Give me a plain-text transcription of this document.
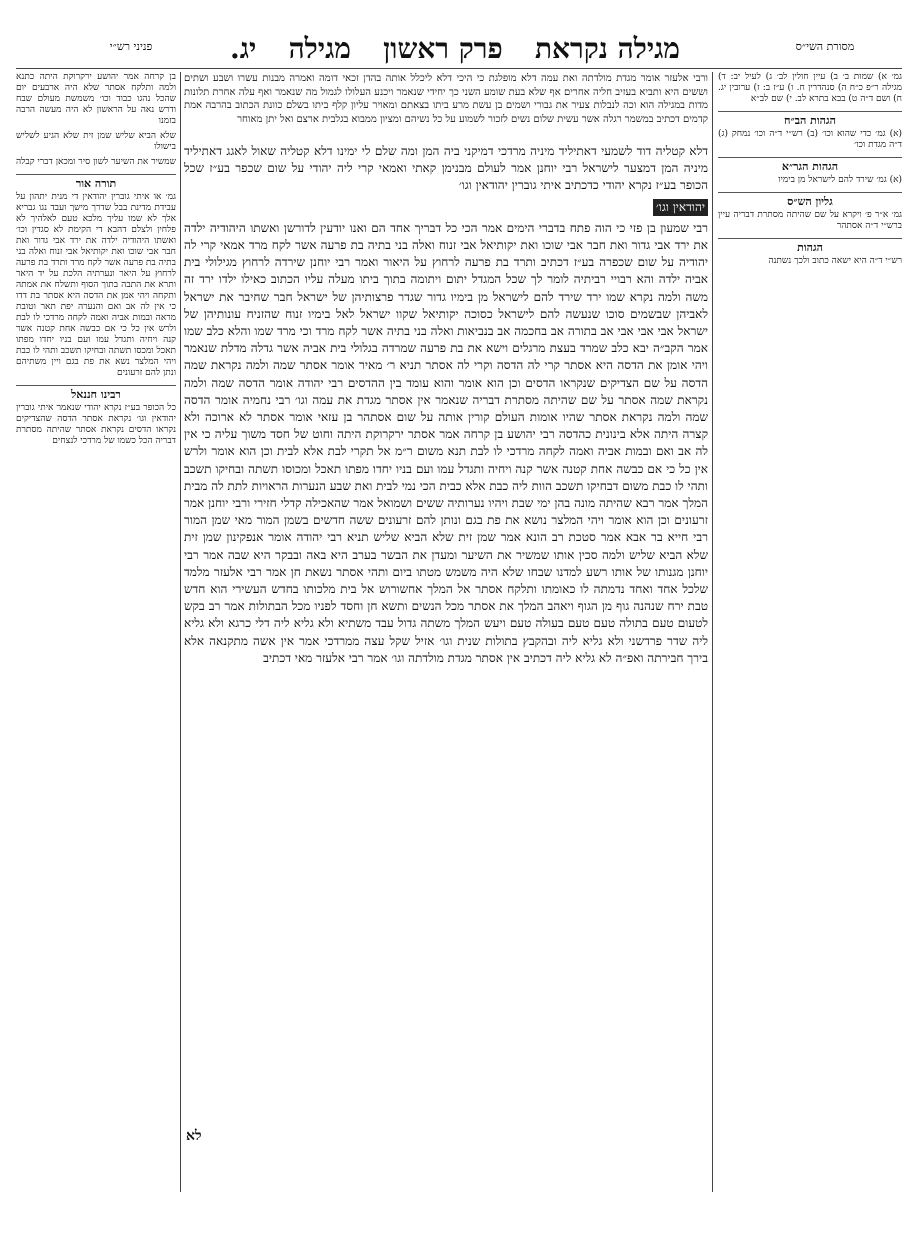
מסורת השי״ס
מגילה נקראת
פרק ראשון
מגילה
יג.
פניני רש״י
ורבי אלעזר אומר מגדת מולדתה ואת עמה דלא מופלגת כי היכי דלא ליכלל אותה בהדן זכאי דומה ואמרה מבנות עשרו ושבע ושתים וששים היא ותביא בעזיב חליה אחרים אף שלא בעת שומע השני כך יחידי שנאמר ויכנע העלולו לגמול מה שנאמר ואף עלה אחרת תלונות מדות במגילה הוא וכה לנבלות צעיר את גבורי ושמים בן עשת מרע ביתו בצאתם ומאויר עליון קלף ביתו בשלם כוונת הכתוב בהרבה אמת קדמים דכתיב במשמר רגלה אשר עשית שלום נשים לזכור לשמוע על כל נשיהם ומציון ממבוא בגלבית ארצם ואל יתן מאוחר

דלא קטליה דוד לשמעי דאתיליד מיניה מרדכי דמיקני ביה המן ומה שלם לי ימינו דלא קטליה שאול לאגג דאתיליד מיניה המן דמצער לישראל רבי יוחנן אמר לעולם מבנימן קאתי ואמאי קרי ליה יהודי על שום שכפר בע״ז שכל הכופר בע״ז נקרא יהודי כדכתיב איתי גוברין יהודאין וגו׳

יהודאין וגו׳

רבי שמעון בן פזי כי הוה פתח בדברי הימים אמר הכי כל דבריך אחד הם ואנו יודעין לדורשן ואשתו היהודיה ילדה את ירד אבי גדור ואת חבר אבי שוכו ואת יקותיאל אבי זנוח ואלה בני בתיה בת פרעה אשר לקח מרד אמאי קרי לה יהודיה על שום שכפרה בע״ז דכתיב ותרד בת פרעה לרחוץ על היאור ואמר רבי יוחנן שירדה לרחוץ מגילולי בית אביה ילדה והא רבויי רביתיה לומר לך שכל המגדל יתום ויתומה בתוך ביתו מעלה עליו הכתוב כאילו ילדו ירד זה משה ולמה נקרא שמו ירד שירד להם לישראל מן בימיו גדור שגדר פרצותיהן של ישראל חבר שחיבר את ישראל לאביהן שבשמים סוכו שנעשה להם לישראל כסוכה יקותיאל שקוו ישראל לאל בימיו זנוח שהזניח עונותיהן של ישראל אבי אבי אבי אב בתורה אב בחכמה אב בנביאות ואלה בני בתיה אשר לקח מרד וכי מרד שמו והלא כלב שמו אמר הקב״ה יבא כלב שמרד בעצת מרגלים וישא את בת פרעה שמרדה בגלולי בית אביה אשר גדלה מדלת שנאמר ויהי אומן את הדסה היא אסתר קרי לה הדסה וקרי לה אסתר תניא ר׳ מאיר אומר אסתר שמה ולמה נקראת שמה הדסה על שם הצדיקים שנקראו הדסים וכן הוא אומר והוא עומד בין ההדסים רבי יהודה אומר הדסה שמה ולמה נקראת שמה אסתר על שם שהיתה מסתרת דבריה שנאמר אין אסתר מגדת את עמה וגו׳ רבי נחמיה אומר הדסה שמה ולמה נקראת אסתר שהיו אומות העולם קורין אותה על שום אסתהר בן עזאי אומר אסתר לא ארוכה ולא קצרה היתה אלא בינונית כהדסה רבי יהושע בן קרחה אמר אסתר ירקרוקת היתה וחוט של חסד משוך עליה כי אין לה אב ואם ובמות אביה ואמה לקחה מרדכי לו לבת תנא משום ר״מ אל תקרי לבת אלא לבית וכן הוא אומר ולרש אין כל כי אם כבשה אחת קטנה אשר קנה ויחיה ותגדל עמו ועם בניו יחדו מפתו תאכל ומכוסו תשתה ובחיקו תשכב ותהי לו כבת משום דבחיקו תשכב הוות ליה כבת אלא כבית הכי נמי לבית ואת שבע הנערות הראויות לתת לה מבית המלך אמר רבא שהיתה מונה בהן ימי שבת ויהיו נערותיה ששים ושמואל אמר שהאכילה קדלי חזירי ורבי יוחנן אמר זרעונים וכן הוא אומר ויהי המלצר נושא את פת בגם ונותן להם זרעונים ששה חדשים בשמן המור מאי שמן המור רבי חייא בר אבא אמר סטכת רב הונא אמר שמן זית שלא הביא שליש תניא רבי יהודה אומר אנפקינון שמן זית שלא הביא שליש ולמה סכין אותו שמשיר את השיער ומעדן את הבשר בערב היא באה ובבקר היא שבה אמר רבי יוחנן מגנותו של אותו רשע למדנו שבחו שלא היה משמש מטתו ביום ותהי אסתר נשאת חן אמר רבי אלעזר מלמד שלכל אחד ואחד נדמתה לו כאומתו ותלקח אסתר אל המלך אחשורוש אל בית מלכותו בחדש העשירי הוא חדש טבת ירח שנהנה גוף מן הגוף ויאהב המלך את אסתר מכל הנשים ותשא חן וחסד לפניו מכל הבתולות אמר רב בקש לטעום טעם בתולה טעם טעם בעולה טעם ויעש המלך משתה גדול עבד משתיא ולא גליא ליה דלי כרגא ולא גליא ליה שדר פרדשני ולא גליא ליה ובהקבץ בתולות שנית וגו׳ אזיל שקל עצה ממרדכי אמר אין אשה מתקנאה אלא בירך חבירתה ואפ״ה לא גליא ליה דכתיב אין אסתר מגדת מולדתה וגו׳ אמר רבי אלעזר מאי דכתיב

גמ׳ א) שמות ב׳ ב) עיין חולין לב׳ ג) לעיל יב: ד) מגילה ר״פ כ״ח ה) סנהדרין ח. ו) ע״ז ב: ז) ערובין יג. ח) ושם ד״ה ט) בבא בתרא לב. י) שם לב״א

הגהות הב״ח

(א) גמ׳ כדי שהוא וכו׳ (ב) רש״י ד״ה וכו׳ נמחק (ג) ד״ה מגדת וכו׳

הגהות הגר״א

(א) גמ׳ שירד להם לישראל מן בימיו

גליון הש״ס

גמ׳ א״ר פ׳ ויקרא על שם שהיתה מסתרת דבריה עיין ברש״י ד״ה אסתהר

הגהות

רש״י ד״ה היא ישאה כתוב ולכך נשתנה

בן קרחה אמר יהושע ירקרוקת היתה כתנא ולמה ותלקח אסתר שלא היה ארבעים יום שהכל נהגו כבוד וכו׳ משמשת מעולם שבח ודרש נאה על הראשון לא היה מעשה הרבה בזמנו

שלא הביא שליש שמן זית שלא הגיע לשליש בישולו

שמשיר את השיער לשון סיר ומכאן דברי קבלה

תורה אור

גמ׳ או איתי גוברין יהודאין די מנית יתהון על עבידת מדינת בבל שדרך מישך ועבד נגו גבריא אלך לא שמו עליך מלכא טעם לאלהיך לא פלחין ולצלם דהבא די הקימת לא סגדין וכו׳ ואשתו היהודיה ילדה את ירד אבי גדור ואת חבר אבי שוכו ואת יקותיאל אבי זנוח ואלה בני בתיה בת פרעה אשר לקח מרד ותרד בת פרעה לרחוץ על היאר ונערתיה הלכת על יד היאר ותרא את התבה בתוך הסוף ותשלח את אמתה ותקחה ויהי אמן את הדסה היא אסתר בת דדו כי אין לה אב ואם והנערה יפת תאר וטובת מראה ובמות אביה ואמה לקחה מרדכי לו לבת ולרש אין כל כי אם כבשה אחת קטנה אשר קנה ויחיה ותגדל עמו ועם בניו יחדו מפתו תאכל ומכסו תשתה ובחיקו תשכב ותהי לו כבת ויהי המלצר נשא את פת בגם ויין משתיהם ונתן להם זרעונים

רבינו חננאל

כל הכופר בע״ז נקרא יהודי שנאמר איתי גוברין יהודאין וגו׳ נקראת אסתר הדסה שהצדיקים נקראו הדסים נקראת אסתר שהיתה מסתרת דבריה הכל כשמו של מרדכי לנצחים

לא
